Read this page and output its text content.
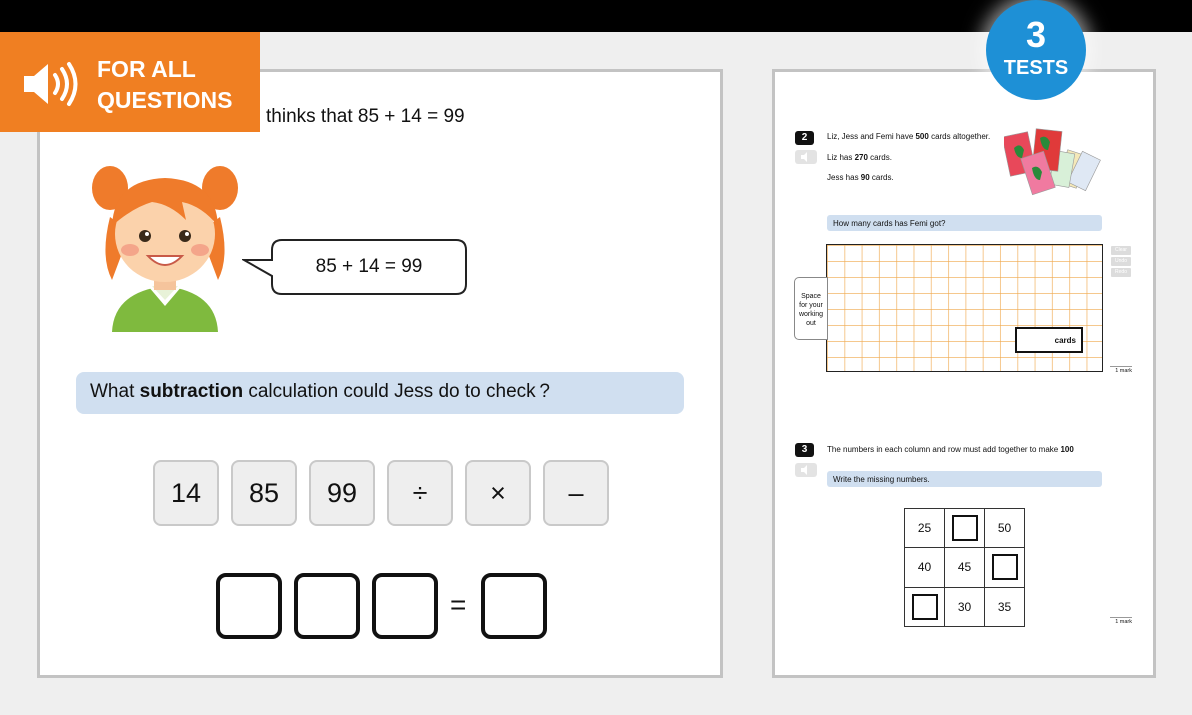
FOR ALL
QUESTIONS
3
TESTS
thinks that 85 + 14 = 99
85 + 14 = 99
What subtraction calculation could Jess do to check ?
14	85	99	÷	×	–
=
2	Liz, Jess and Femi have 500 cards altogether.
Liz has 270 cards.
Jess has 90 cards.
How many cards has Femi got?
Space
for your
working
out
cards
Clear
Undo
Redo
1 mark
3	The numbers in each column and row must add together to make 100
Write the missing numbers.
25		50
40	45	
	30	35
1 mark
